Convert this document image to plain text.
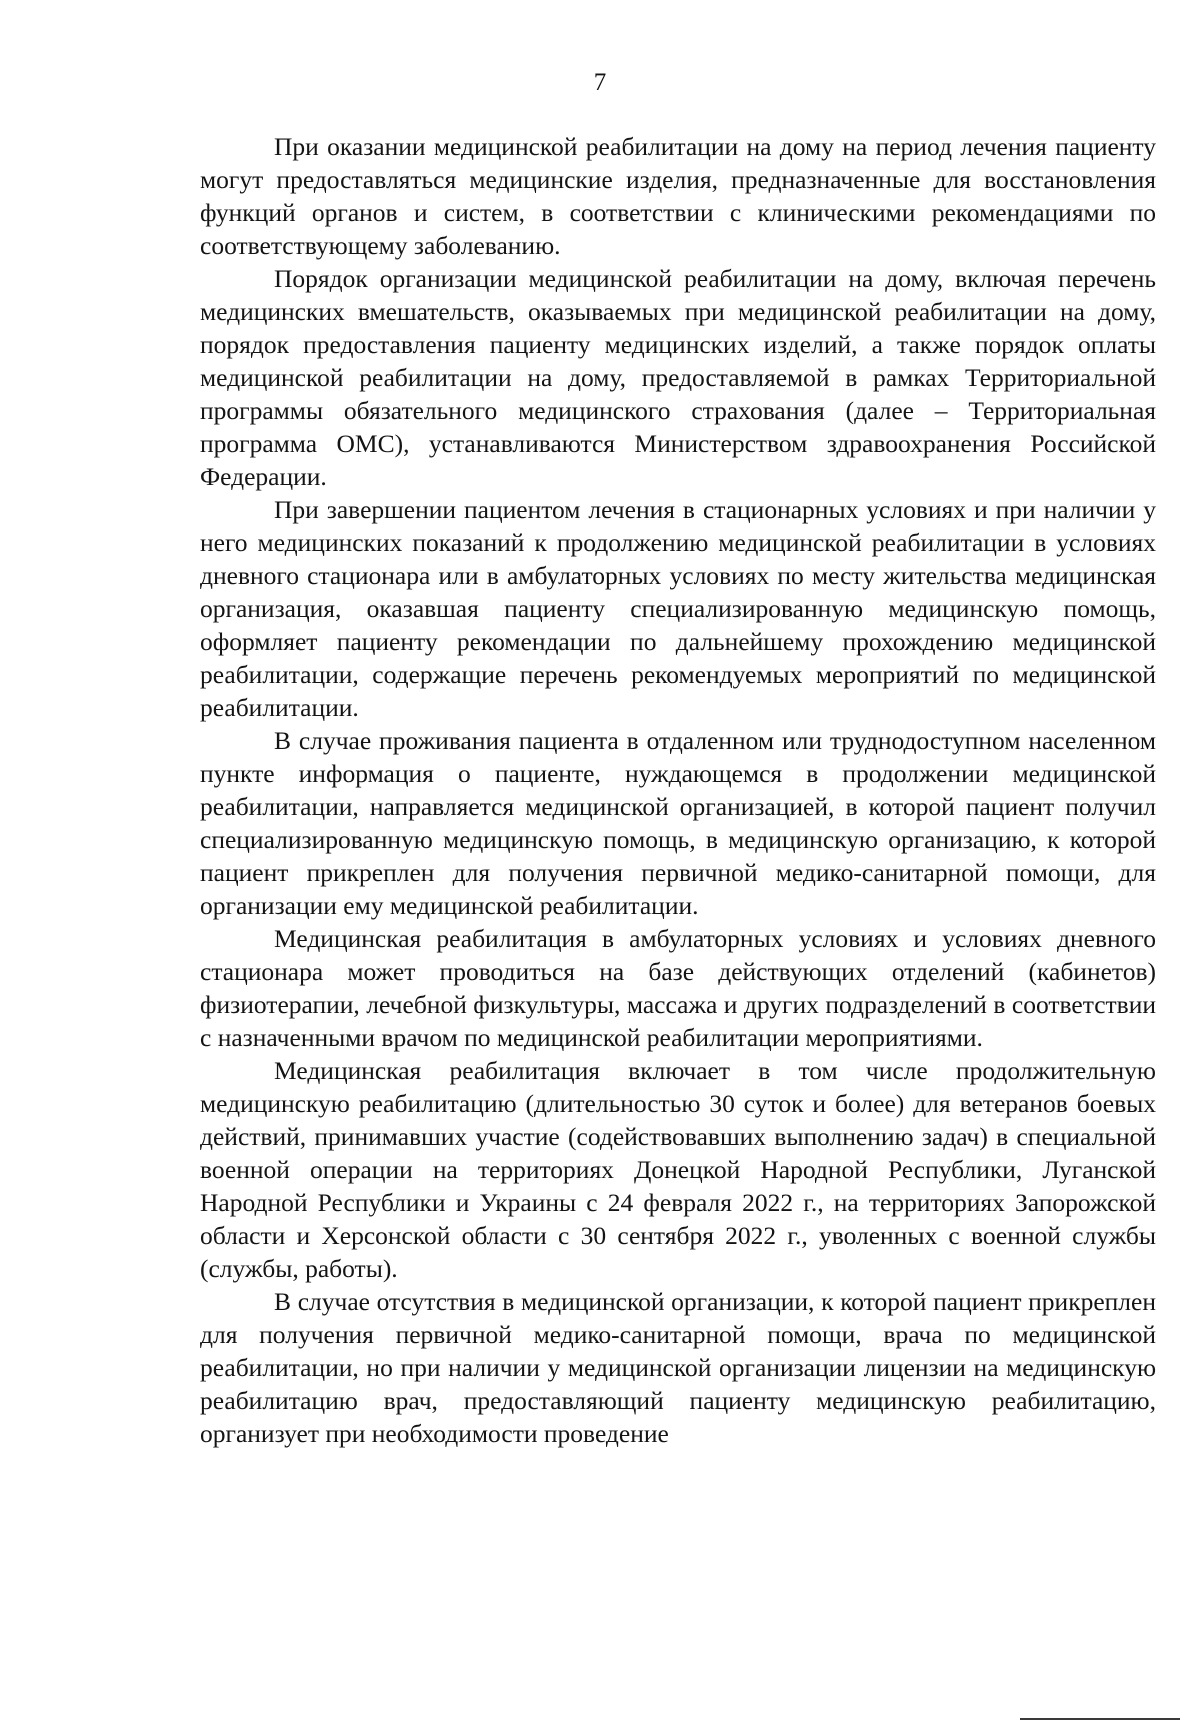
7

При оказании медицинской реабилитации на дому на период лечения пациенту могут предоставляться медицинские изделия, предназначенные для восстановления функций органов и систем, в соответствии с клиническими рекомендациями по соответствующему заболеванию.

Порядок организации медицинской реабилитации на дому, включая перечень медицинских вмешательств, оказываемых при медицинской реабилитации на дому, порядок предоставления пациенту медицинских изделий, а также порядок оплаты медицинской реабилитации на дому, предоставляемой в рамках Территориальной программы обязательного медицинского страхования (далее – Территориальная программа ОМС), устанавливаются Министерством здравоохранения Российской Федерации.

При завершении пациентом лечения в стационарных условиях и при наличии у него медицинских показаний к продолжению медицинской реабилитации в условиях дневного стационара или в амбулаторных условиях по месту жительства медицинская организация, оказавшая пациенту специализированную медицинскую помощь, оформляет пациенту рекомендации по дальнейшему прохождению медицинской реабилитации, содержащие перечень рекомендуемых мероприятий по медицинской реабилитации.

В случае проживания пациента в отдаленном или труднодоступном населенном пункте информация о пациенте, нуждающемся в продолжении медицинской реабилитации, направляется медицинской организацией, в которой пациент получил специализированную медицинскую помощь, в медицинскую организацию, к которой пациент прикреплен для получения первичной медико-санитарной помощи, для организации ему медицинской реабилитации.

Медицинская реабилитация в амбулаторных условиях и условиях дневного стационара может проводиться на базе действующих отделений (кабинетов) физиотерапии, лечебной физкультуры, массажа и других подразделений в соответствии с назначенными врачом по медицинской реабилитации мероприятиями.

Медицинская реабилитация включает в том числе продолжительную медицинскую реабилитацию (длительностью 30 суток и более) для ветеранов боевых действий, принимавших участие (содействовавших выполнению задач) в специальной военной операции на территориях Донецкой Народной Республики, Луганской Народной Республики и Украины с 24 февраля 2022 г., на территориях Запорожской области и Херсонской области с 30 сентября 2022 г., уволенных с военной службы (службы, работы).

В случае отсутствия в медицинской организации, к которой пациент прикреплен для получения первичной медико-санитарной помощи, врача по медицинской реабилитации, но при наличии у медицинской организации лицензии на медицинскую реабилитацию врач, предоставляющий пациенту медицинскую реабилитацию, организует при необходимости проведение
